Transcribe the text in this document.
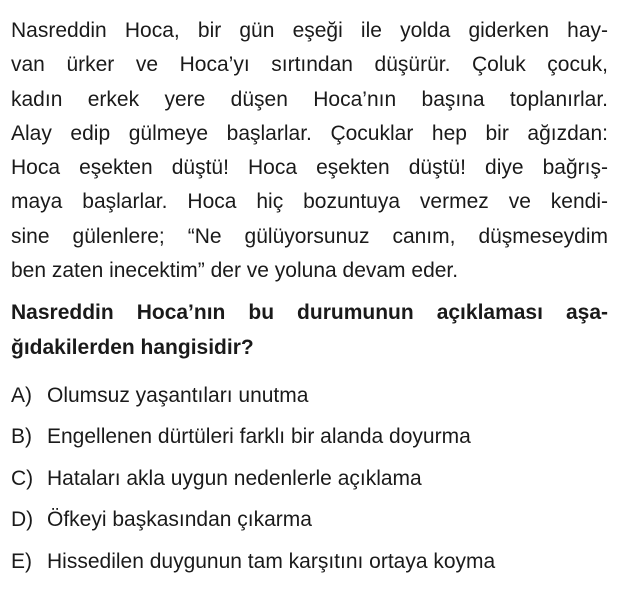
Nasreddin Hoca, bir gün eşeği ile yolda giderken hay-
van ürker ve Hoca’yı sırtından düşürür. Çoluk çocuk,
kadın erkek yere düşen Hoca’nın başına toplanırlar.
Alay edip gülmeye başlarlar. Çocuklar hep bir ağızdan:
Hoca eşekten düştü! Hoca eşekten düştü! diye bağrış-
maya başlarlar. Hoca hiç bozuntuya vermez ve kendi-
sine gülenlere; “Ne gülüyorsunuz canım, düşmeseydim
ben zaten inecektim” der ve yoluna devam eder.
Nasreddin Hoca’nın bu durumunun açıklaması aşa-
ğıdakilerden hangisidir?
A) Olumsuz yaşantıları unutma
B) Engellenen dürtüleri farklı bir alanda doyurma
C) Hataları akla uygun nedenlerle açıklama
D) Öfkeyi başkasından çıkarma
E) Hissedilen duygunun tam karşıtını ortaya koyma
